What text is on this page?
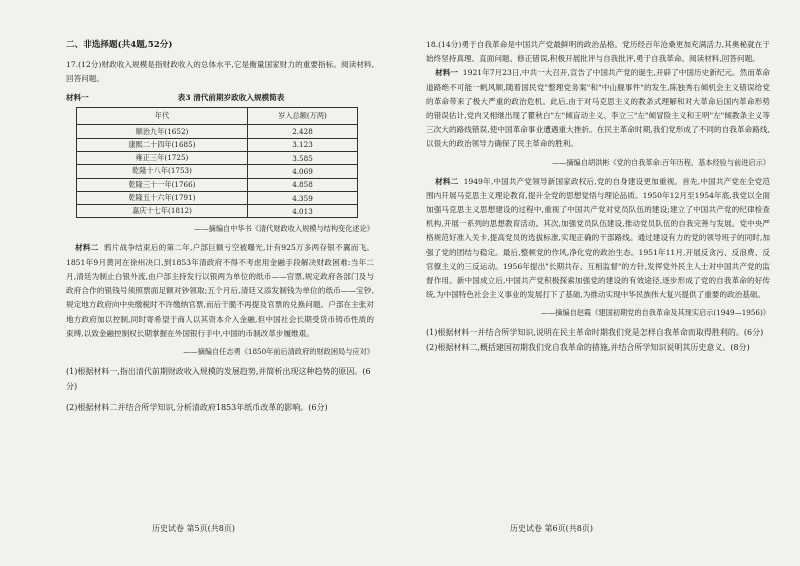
二、非选择题(共4题,52分)

17.(12分)财政收入规模是指财政收入的总体水平,它是衡量国家财力的重要指标。阅读材料,回答问题。

材料一	表3 清代前期岁政收入规模简表
年代	岁入总额(万两)
顺治九年(1652)	2.428
康熙二十四年(1685)	3.123
雍正三年(1725)	3.585
乾隆十八年(1753)	4.069
乾隆三十一年(1766)	4.858
乾隆五十六年(1791)	4.359
嘉庆十七年(1812)	4.013
——摘编自中华书《清代财政收入规模与结构变化述论》

材料二 鸦片战争结束后的第二年,户部巨额亏空被曝光,计有925万多两存银不翼而飞。1851年9月黄河在徐州决口,到1853年清政府不得不考虑用金融手段解决财政困难:当年二月,清廷为制止白银外流,由户部主持发行以银两为单位的纸币——官票,规定政府各部门及与政府合作的银钱号须照票面足额对钞领取;五个月后,清廷又添发制钱为单位的纸币——宝钞,规定地方政府向中央缴税时不许缴纳官票,而后干脆不再提及官票的兑换问题。户部在主张对地方政府加以控制,同时寄希望于商人以其资本介入金融,但中国社会长期受货币铸币性质的束缚,以致金融控制权长期掌握在外国银行手中,中国的币制改革步履维艰。

——摘编自任志勇《1850年前后清政府的财政困局与应对》

(1)根据材料一,指出清代前期财政收入规模的发展趋势,并简析出现这种趋势的原因。(6分)

(2)根据材料二并结合所学知识,分析清政府1853年纸币改革的影响。(6分)

历史试卷 第5页(共8页)

18.(14分)勇于自我革命是中国共产党最鲜明的政治品格。党历经百年沧桑更加充满活力,其奥秘就在于始终坚持真理、直面问题、修正错误,积极开展批评与自我批评,勇于自我革命。阅读材料,回答问题。

材料一 1921年7月23日,中共一大召开,宣告了中国共产党的诞生,开辟了中国历史新纪元。然而革命道路绝不可能一帆风顺,随着国民党"整理党务案"和"中山舰事件"的发生,陈独秀右倾机会主义错误给党的革命带来了极大严重的政治危机。此后,由于对马克思主义的教条式理解和对大革命后国内革命形势的错误估计,党内又相继出现了瞿秋白"左"倾盲动主义、李立三"左"倾冒险主义和王明"左"倾教条主义等三次大的路线错误,使中国革命事业遭遇重大挫折。在民主革命时期,我们党形成了不同的自我革命路线,以很大的政治领导力确保了民主革命的胜利。

——摘编自胡洪彬《党的自我革命:百年历程、基本经验与前进启示》

材料二 1949年,中国共产党领导新国家政权后,党的自身建设更加重视。首先,中国共产党在全党范围内开展马克思主义理论教育,提升全党的思想觉悟与理论品质。1950年12月至1954年底,我党以全面加强马克思主义思想建设的过程中,重视了中国共产党对党员队伍的建设;建立了中国共产党的纪律检查机构,开展一系列的思想教育活动。其次,加强党员队伍建设,推动党员队伍的自我完善与发展。党中央严格规范好准入关卡,提高党员的选拔标准,实现正确的干部路线。通过建设有力的党的领导班子的同时,加强了党的团结与稳定。最后,整顿党的作风,净化党的政治生态。1951年11月,开展反贪污、反浪费、反官僚主义的三反运动。1956年提出"长期共存、互相监督"的方针,发挥党外民主人士对中国共产党的监督作用。新中国成立后,中国共产党积极探索加强党的建设的有效途径,逐步形成了党的自我革命的好传统,为中国特色社会主义事业的发展打下了基础,为推动实现中华民族伟大复兴提供了重要的政治基础。

——摘编自赵霞《建国初期党的自我革命及其现实启示(1949—1956)》

(1)根据材料一并结合所学知识,说明在民主革命时期我们党是怎样自我革命而取得胜利的。(6分)

(2)根据材料二,概括建国初期我们党自我革命的措施,并结合所学知识说明其历史意义。(8分)

历史试卷 第6页(共8页)
